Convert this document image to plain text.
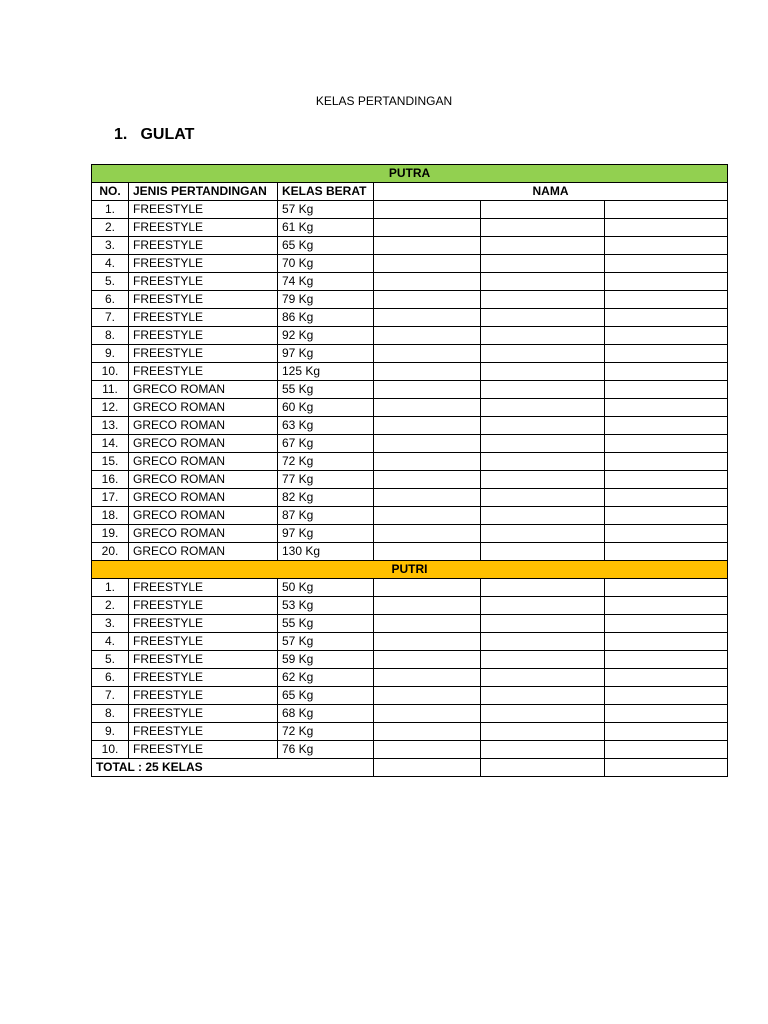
KELAS PERTANDINGAN
1. GULAT
PUTRA					
NO.	JENIS PERTANDINGAN	KELAS BERAT	NAMA		
1.	FREESTYLE	57 Kg			
2.	FREESTYLE	61 Kg			
3.	FREESTYLE	65 Kg			
4.	FREESTYLE	70 Kg			
5.	FREESTYLE	74 Kg			
6.	FREESTYLE	79 Kg			
7.	FREESTYLE	86 Kg			
8.	FREESTYLE	92 Kg			
9.	FREESTYLE	97 Kg			
10.	FREESTYLE	125 Kg			
11.	GRECO ROMAN	55 Kg			
12.	GRECO ROMAN	60 Kg			
13.	GRECO ROMAN	63 Kg			
14.	GRECO ROMAN	67 Kg			
15.	GRECO ROMAN	72 Kg			
16.	GRECO ROMAN	77 Kg			
17.	GRECO ROMAN	82 Kg			
18.	GRECO ROMAN	87 Kg			
19.	GRECO ROMAN	97 Kg			
20.	GRECO ROMAN	130 Kg			
PUTRI					
1.	FREESTYLE	50 Kg			
2.	FREESTYLE	53 Kg			
3.	FREESTYLE	55 Kg			
4.	FREESTYLE	57 Kg			
5.	FREESTYLE	59 Kg			
6.	FREESTYLE	62 Kg			
7.	FREESTYLE	65 Kg			
8.	FREESTYLE	68 Kg			
9.	FREESTYLE	72 Kg			
10.	FREESTYLE	76 Kg			
TOTAL : 25 KELAS					
